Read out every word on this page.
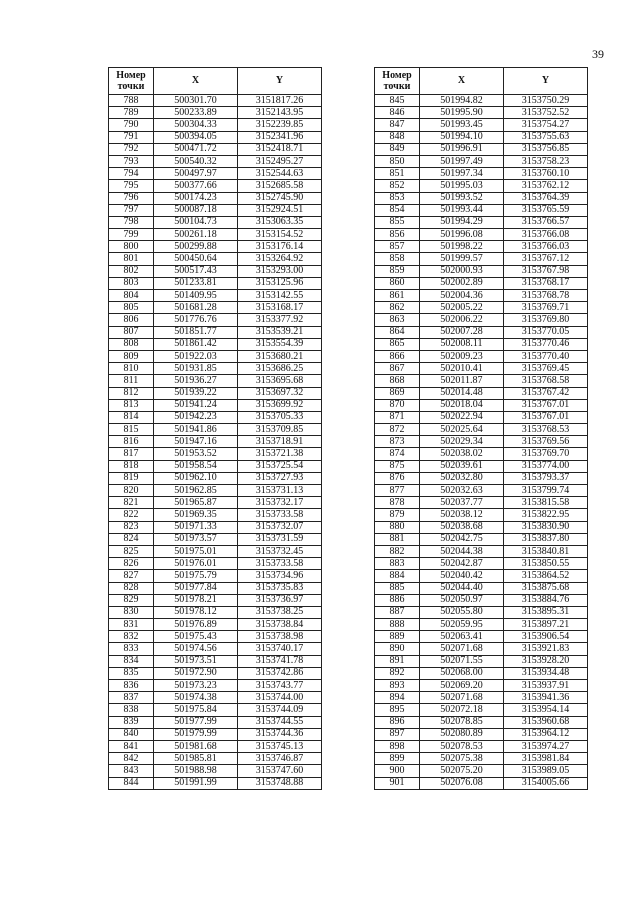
39
Номер
точки	X	Y
788	500301.70	3151817.26
789	500233.89	3152143.95
790	500304.33	3152239.85
791	500394.05	3152341.96
792	500471.72	3152418.71
793	500540.32	3152495.27
794	500497.97	3152544.63
795	500377.66	3152685.58
796	500174.23	3152745.90
797	500087.18	3152924.51
798	500104.73	3153063.35
799	500261.18	3153154.52
800	500299.88	3153176.14
801	500450.64	3153264.92
802	500517.43	3153293.00
803	501233.81	3153125.96
804	501409.95	3153142.55
805	501681.28	3153168.17
806	501776.76	3153377.92
807	501851.77	3153539.21
808	501861.42	3153554.39
809	501922.03	3153680.21
810	501931.85	3153686.25
811	501936.27	3153695.68
812	501939.22	3153697.32
813	501941.24	3153699.92
814	501942.23	3153705.33
815	501941.86	3153709.85
816	501947.16	3153718.91
817	501953.52	3153721.38
818	501958.54	3153725.54
819	501962.10	3153727.93
820	501962.85	3153731.13
821	501965.87	3153732.17
822	501969.35	3153733.58
823	501971.33	3153732.07
824	501973.57	3153731.59
825	501975.01	3153732.45
826	501976.01	3153733.58
827	501975.79	3153734.96
828	501977.84	3153735.83
829	501978.21	3153736.97
830	501978.12	3153738.25
831	501976.89	3153738.84
832	501975.43	3153738.98
833	501974.56	3153740.17
834	501973.51	3153741.78
835	501972.90	3153742.86
836	501973.23	3153743.77
837	501974.38	3153744.00
838	501975.84	3153744.09
839	501977.99	3153744.55
840	501979.99	3153744.36
841	501981.68	3153745.13
842	501985.81	3153746.87
843	501988.98	3153747.60
844	501991.99	3153748.88
Номер
точки	X	Y
845	501994.82	3153750.29
846	501995.90	3153752.52
847	501993.45	3153754.27
848	501994.10	3153755.63
849	501996.91	3153756.85
850	501997.49	3153758.23
851	501997.34	3153760.10
852	501995.03	3153762.12
853	501993.52	3153764.39
854	501993.44	3153765.59
855	501994.29	3153766.57
856	501996.08	3153766.08
857	501998.22	3153766.03
858	501999.57	3153767.12
859	502000.93	3153767.98
860	502002.89	3153768.17
861	502004.36	3153768.78
862	502005.22	3153769.71
863	502006.22	3153769.80
864	502007.28	3153770.05
865	502008.11	3153770.46
866	502009.23	3153770.40
867	502010.41	3153769.45
868	502011.87	3153768.58
869	502014.48	3153767.42
870	502018.04	3153767.01
871	502022.94	3153767.01
872	502025.64	3153768.53
873	502029.34	3153769.56
874	502038.02	3153769.70
875	502039.61	3153774.00
876	502032.80	3153793.37
877	502032.63	3153799.74
878	502037.77	3153815.58
879	502038.12	3153822.95
880	502038.68	3153830.90
881	502042.75	3153837.80
882	502044.38	3153840.81
883	502042.87	3153850.55
884	502040.42	3153864.52
885	502044.40	3153875.68
886	502050.97	3153884.76
887	502055.80	3153895.31
888	502059.95	3153897.21
889	502063.41	3153906.54
890	502071.68	3153921.83
891	502071.55	3153928.20
892	502068.00	3153934.48
893	502069.20	3153937.91
894	502071.68	3153941.36
895	502072.18	3153954.14
896	502078.85	3153960.68
897	502080.89	3153964.12
898	502078.53	3153974.27
899	502075.38	3153981.84
900	502075.20	3153989.05
901	502076.08	3154005.66
